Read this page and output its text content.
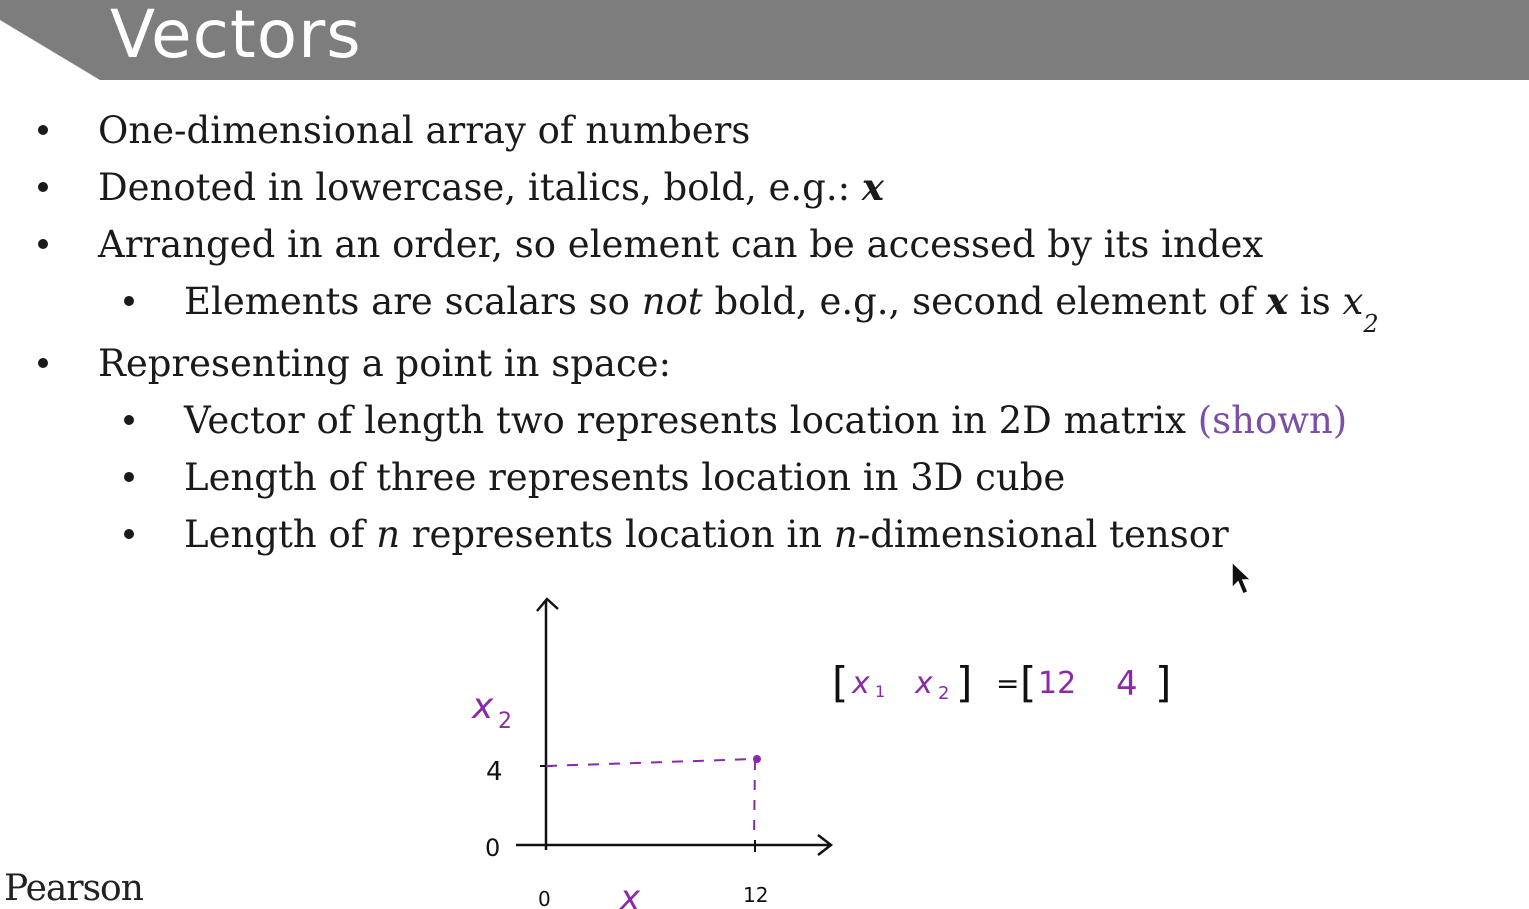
Vectors
One-dimensional array of numbers
Denoted in lowercase, italics, bold, e.g.: x
Arranged in an order, so element can be accessed by its index
Elements are scalars so not bold, e.g., second element of x is $x_2$
Representing a point in space:
Vector of length two represents location in 2D matrix (shown)
Length of three represents location in 3D cube
Length of n represents location in n-dimensional tensor
x 2
4
0
0 x	12
[ x 1 x 2 ] = [ 12 4 ]
Pearson
